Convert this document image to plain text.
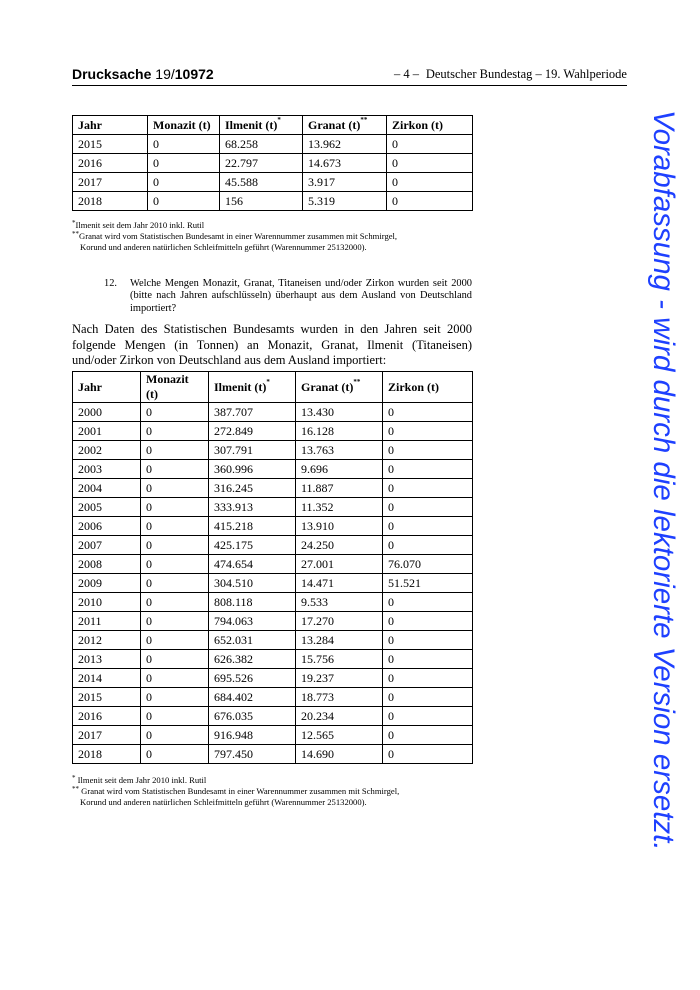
Drucksache 19/10972	– 4 – Deutscher Bundestag – 19. Wahlperiode
Jahr	Monazit (t)	Ilmenit (t)*	Granat (t)**	Zirkon (t)
2015	0	68.258	13.962	0
2016	0	22.797	14.673	0
2017	0	45.588	3.917	0
2018	0	156	5.319	0
*Ilmenit seit dem Jahr 2010 inkl. Rutil
**Granat wird vom Statistischen Bundesamt in einer Warennummer zusammen mit Schmirgel,
Korund und anderen natürlichen Schleifmitteln geführt (Warennummer 25132000).
12. Welche Mengen Monazit, Granat, Titaneisen und/oder Zirkon wurden seit 2000 (bitte nach Jahren aufschlüsseln) überhaupt aus dem Ausland von Deutschland importiert?
Nach Daten des Statistischen Bundesamts wurden in den Jahren seit 2000 folgende Mengen (in Tonnen) an Monazit, Granat, Ilmenit (Titaneisen) und/oder Zirkon von Deutschland aus dem Ausland importiert:
Jahr	Monazit (t)	Ilmenit (t)*	Granat (t)**	Zirkon (t)
2000	0	387.707	13.430	0
2001	0	272.849	16.128	0
2002	0	307.791	13.763	0
2003	0	360.996	9.696	0
2004	0	316.245	11.887	0
2005	0	333.913	11.352	0
2006	0	415.218	13.910	0
2007	0	425.175	24.250	0
2008	0	474.654	27.001	76.070
2009	0	304.510	14.471	51.521
2010	0	808.118	9.533	0
2011	0	794.063	17.270	0
2012	0	652.031	13.284	0
2013	0	626.382	15.756	0
2014	0	695.526	19.237	0
2015	0	684.402	18.773	0
2016	0	676.035	20.234	0
2017	0	916.948	12.565	0
2018	0	797.450	14.690	0
* Ilmenit seit dem Jahr 2010 inkl. Rutil
** Granat wird vom Statistischen Bundesamt in einer Warennummer zusammen mit Schmirgel,
Korund und anderen natürlichen Schleifmitteln geführt (Warennummer 25132000).	Vorabfassung - wird durch die lektorierte Version ersetzt.
